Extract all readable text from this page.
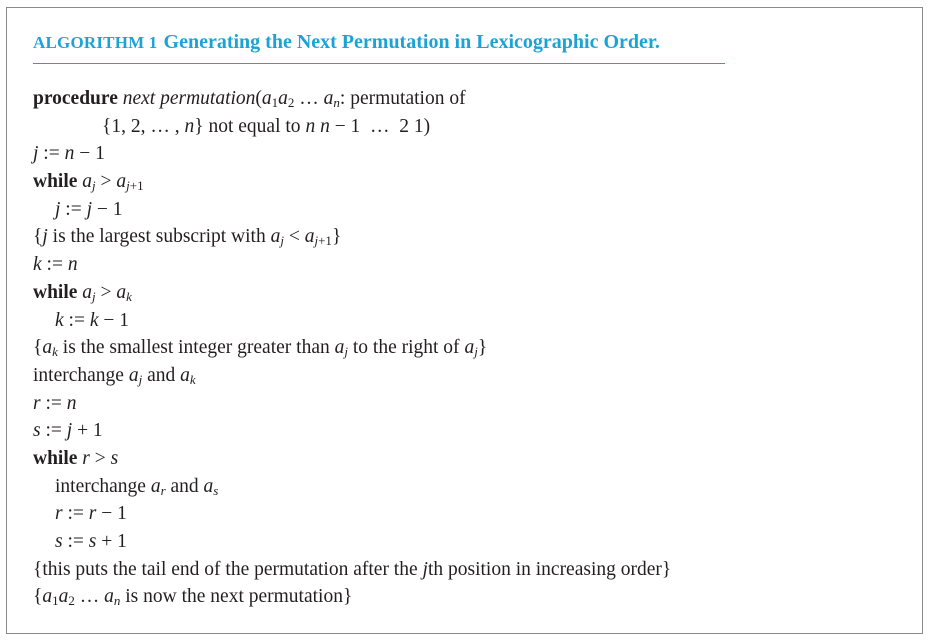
ALGORITHM 1 Generating the Next Permutation in Lexicographic Order.
procedure next $permutation(a_1a_2$ … $a_n$: permutation of
{1, 2, … , n} not equal to n n − 1  …  2 1)
j := n − 1
while $a_j > a_{j+1}$
j := j − 1
{j is the largest subscript with $a_j < a_{j+1}$}
k := n
while $a_j > a_k$
k := k − 1
{$a_k$ is the smallest integer greater than $a_j$ to the right of $a_j$}
interchange $a_j$ and $a_k$
r := n
s := j + 1
while r > s
interchange $a_r$ and $a_s$
r := r − 1
s := s + 1
{this puts the tail end of the permutation after the jth position in increasing order}
{$a_1a_2$ … $a_n$ is now the next permutation}
